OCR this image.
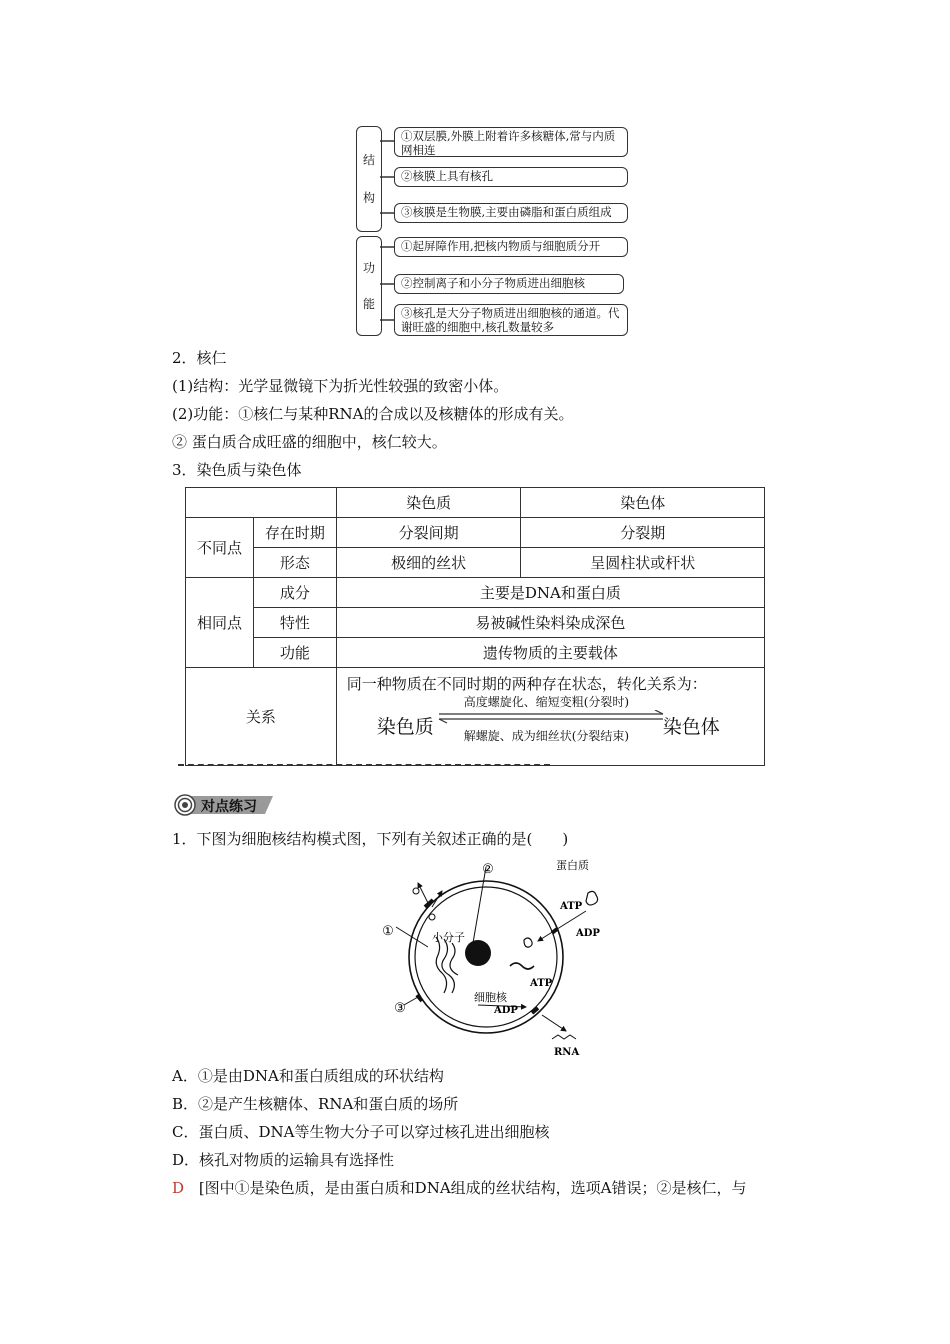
结
构
功
能
①双层膜,外膜上附着许多核糖体,常与内质网相连
②核膜上具有核孔
③核膜是生物膜,主要由磷脂和蛋白质组成
①起屏障作用,把核内物质与细胞质分开
②控制离子和小分子物质进出细胞核
③核孔是大分子物质进出细胞核的通道。代谢旺盛的细胞中,核孔数量较多
2．核仁
(1)结构：光学显微镜下为折光性较强的致密小体。
(2)功能：①核仁与某种RNA的合成以及核糖体的形成有关。
② 蛋白质合成旺盛的细胞中，核仁较大。
3．染色质与染色体
		染色质	染色体
不同点	存在时期	分裂间期	分裂期
	形态	极细的丝状	呈圆柱状或杆状
相同点	成分	主要是DNA和蛋白质	
	特性	易被碱性染料染成深色	
	功能	遗传物质的主要载体	
关系		同一种物质在不同时期的两种存在状态，转化关系为：
染色质
高度螺旋化、缩短变粗(分裂时)
解螺旋、成为细丝状(分裂结束) 染色体	
对点练习
1．下图为细胞核结构模式图，下列有关叙述正确的是(　　)
②
①
③
蛋白质
ATP
ADP
小分子
ATP
细胞核
ADP
RNA
A．①是由DNA和蛋白质组成的环状结构
B．②是产生核糖体、RNA和蛋白质的场所
C．蛋白质、DNA等生物大分子可以穿过核孔进出细胞核
D．核孔对物质的运输具有选择性
D [图中①是染色质，是由蛋白质和DNA组成的丝状结构，选项A错误；②是核仁，与
